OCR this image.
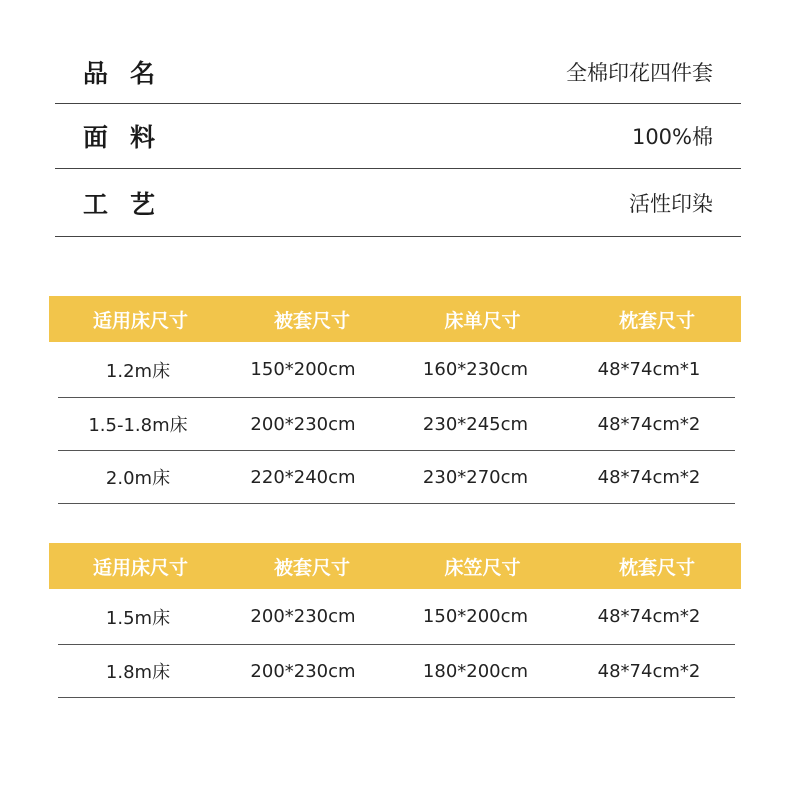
品名	全棉印花四件套
面料	100%棉
工艺	活性印染
适用床尺寸	被套尺寸	床单尺寸	枕套尺寸
1.2m床	150*200cm	160*230cm	48*74cm*1
1.5-1.8m床	200*230cm	230*245cm	48*74cm*2
2.0m床	220*240cm	230*270cm	48*74cm*2
适用床尺寸	被套尺寸	床笠尺寸	枕套尺寸
1.5m床	200*230cm	150*200cm	48*74cm*2
1.8m床	200*230cm	180*200cm	48*74cm*2
